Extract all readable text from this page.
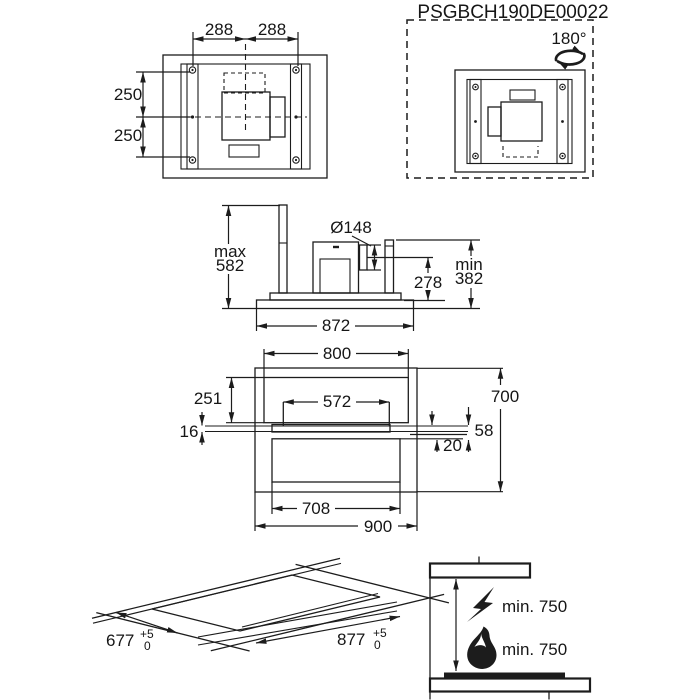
288 288
250
250
PSGBCH190DE00022
180°
Ø148
max
582
278
min
382
872
572
800
251
16
700
58
20
708
900
677 +5
0	877 +5
0
min. 750
min. 750
